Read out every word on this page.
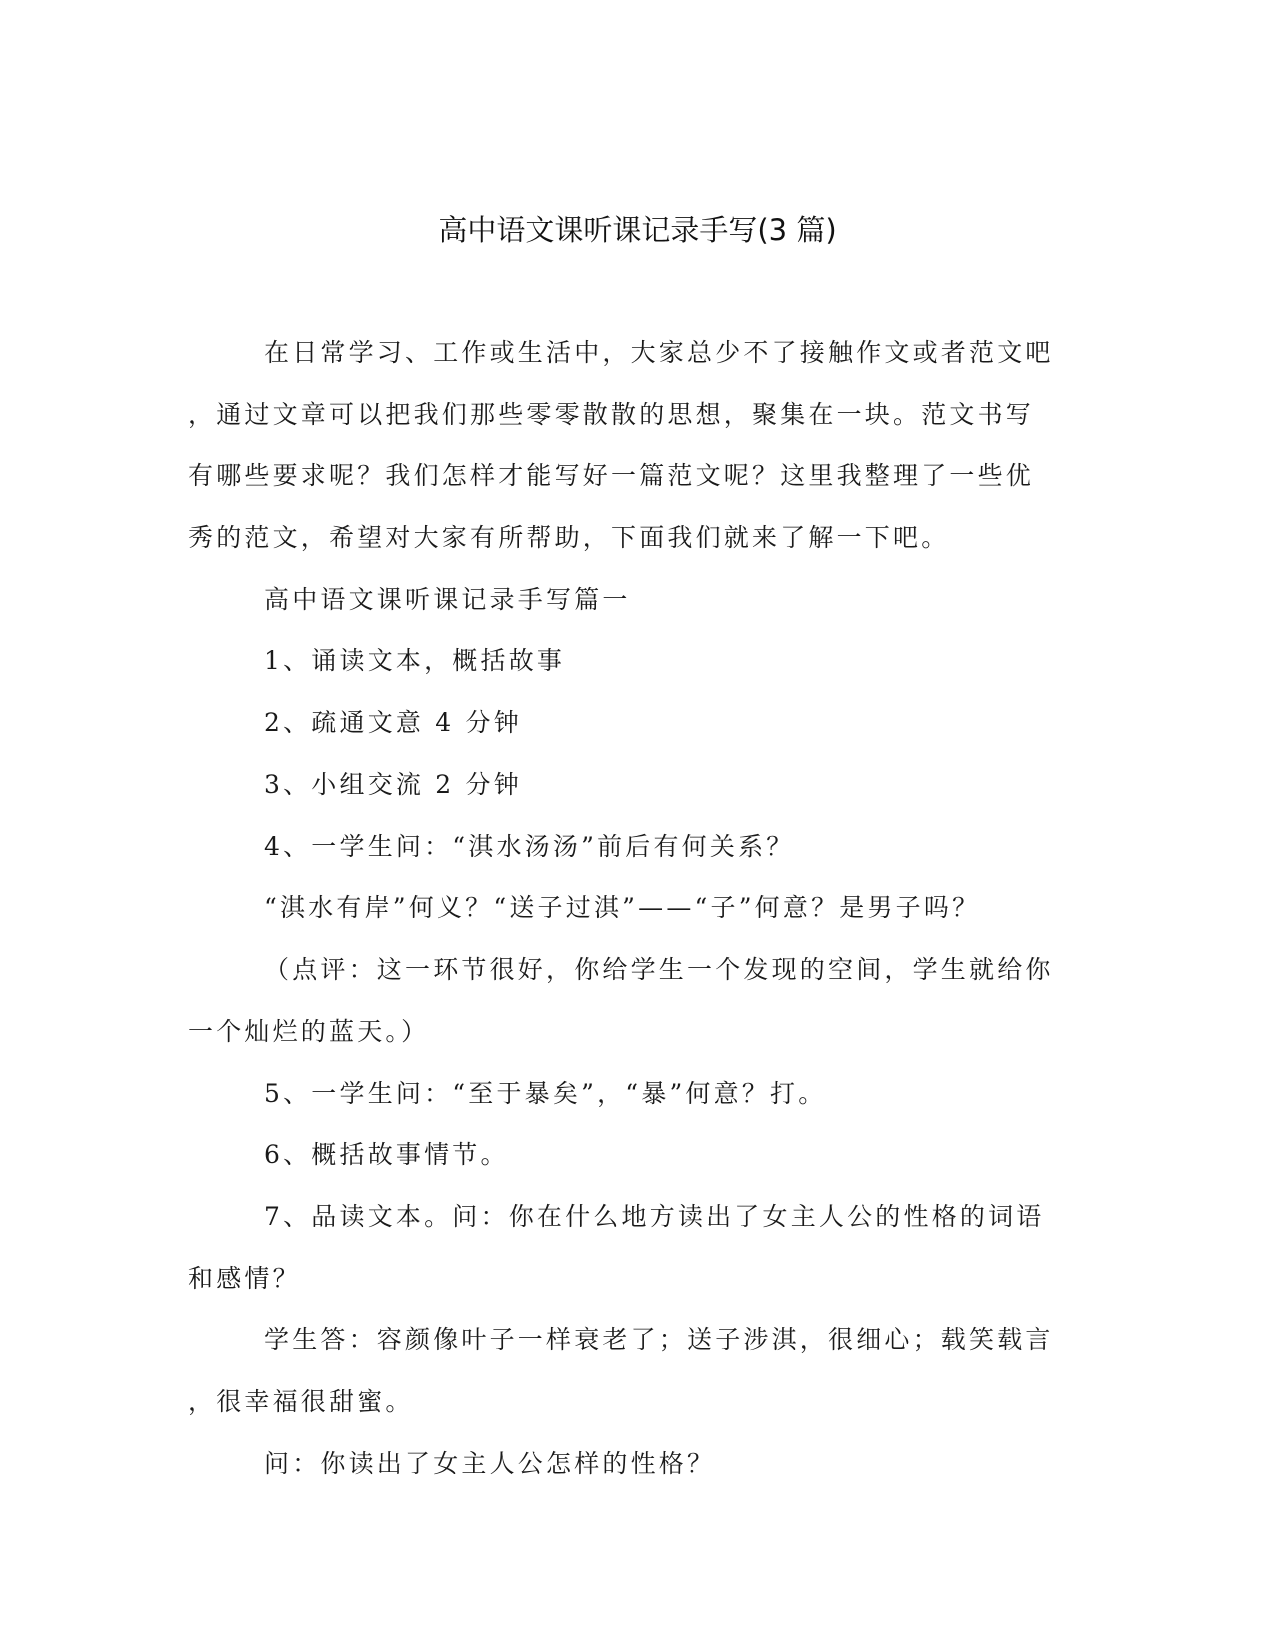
高中语文课听课记录手写(3 篇)
在日常学习、工作或生活中，大家总少不了接触作文或者范文吧
，通过文章可以把我们那些零零散散的思想，聚集在一块。范文书写
有哪些要求呢？我们怎样才能写好一篇范文呢？这里我整理了一些优
秀的范文，希望对大家有所帮助，下面我们就来了解一下吧。
高中语文课听课记录手写篇一
1、诵读文本，概括故事
2、疏通文意 4 分钟
3、小组交流 2 分钟
4、一学生问：“淇水汤汤”前后有何关系？
“淇水有岸”何义？“送子过淇”——“子”何意？是男子吗？
（点评：这一环节很好，你给学生一个发现的空间，学生就给你
一个灿烂的蓝天。）
5、一学生问：“至于暴矣”，“暴”何意？打。
6、概括故事情节。
7、品读文本。问：你在什么地方读出了女主人公的性格的词语
和感情？
学生答：容颜像叶子一样衰老了；送子涉淇，很细心；载笑载言
，很幸福很甜蜜。
问：你读出了女主人公怎样的性格？
